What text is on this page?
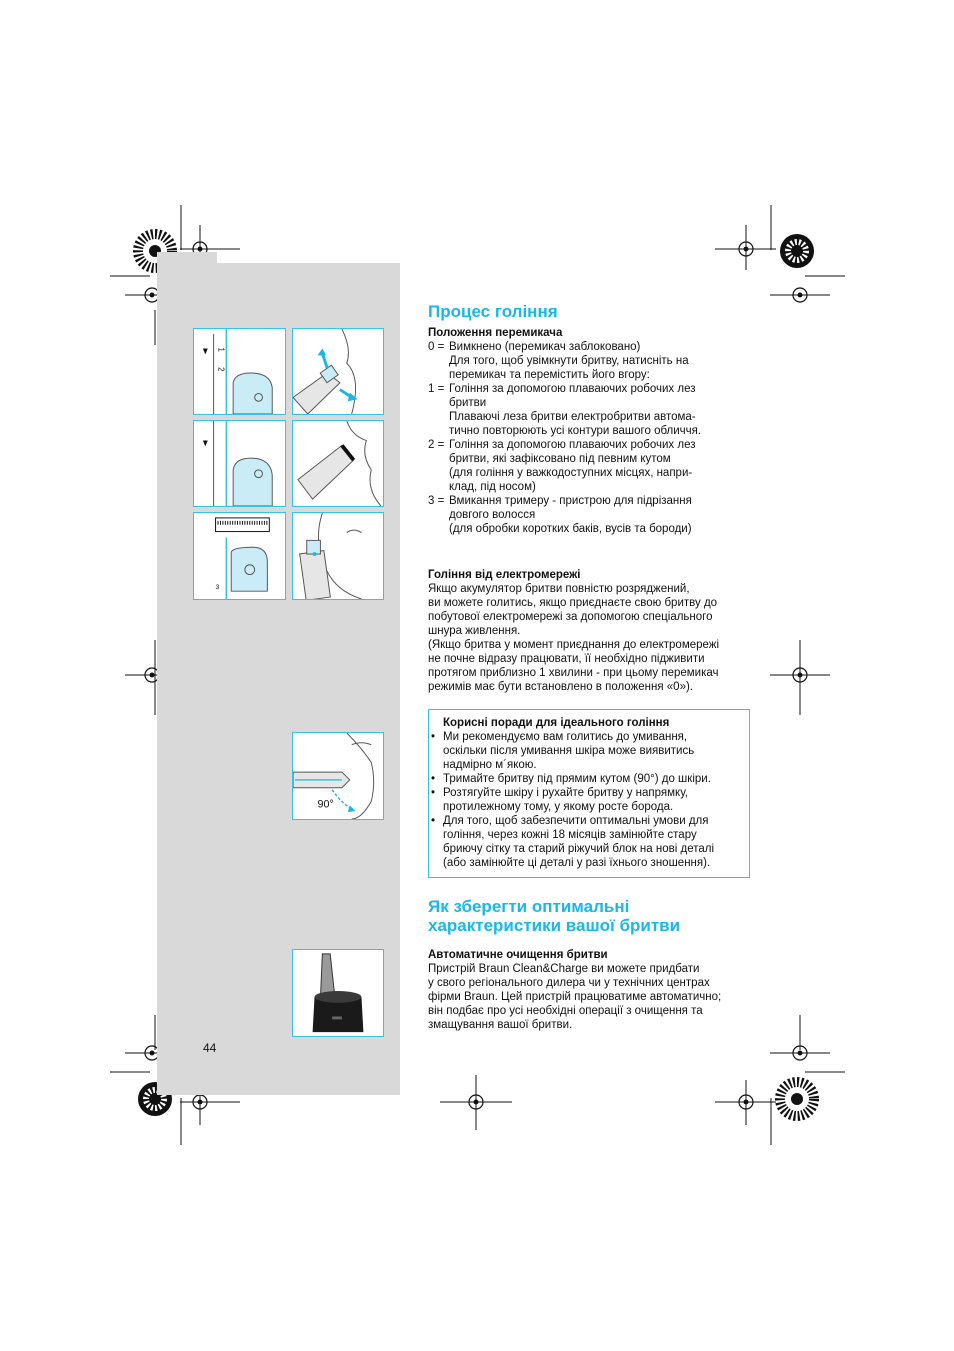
1
2
3
90°
Процес гоління
Положення перемикача
0 =	Вимкнено (перемикач заблоковано)
Для того, щоб увімкнути бритву, натисніть на
перемикач та перемістить його вгору:
1 =	Гоління за допомогою плаваючих робочих лез
бритви
Плаваючі леза бритви електробритви автома-
тично повторюють усі контури вашого обличчя.
2 =	Гоління за допомогою плаваючих робочих лез
бритви, які зафіксовано під певним кутом
(для гоління у важкодоступних місцях, напри-
клад, під носом)
3 =	Вмикання тримеру - пристрою для підрізання
довгого волосся
(для обробки коротких баків, вусів та бороди)
Гоління від електромережі
Якщо акумулятор бритви повністю розряджений,
ви можете голитись, якщо приєднаєте свою бритву до
побутової електромережі за допомогою спеціального
шнура живлення.
(Якщо бритва у момент приєднання до електромережі
не почне відразу працювати, її необхідно підживити
протягом приблизно 1 хвилини - при цьому перемикач
режимів має бути встановлено в положення «0»).
Корисні поради для ідеального гоління
• Ми рекомендуємо вам голитись до умивання,
оскільки після умивання шкіра може виявитись
надмірно м´якою.
• Тримайте бритву під прямим кутом (90°) до шкіри.
• Розтягуйте шкіру і рухайте бритву у напрямку,
протилежному тому, у якому росте борода.
• Для того, щоб забезпечити оптимальні умови для
гоління, через кожні 18 місяців замінюйте стару
бриючу сітку та старий ріжучий блок на нові деталі
(або замінюйте ці деталі у разі їхнього зношення).
Як зберегти оптимальні
характеристики вашої бритви
Автоматичне очищення бритви
Пристрій Braun Clean&Charge ви можете придбати
у свого регіонального дилера чи у технічних центрах
фірми Braun. Цей пристрій працюватиме автоматично;
він подбає про усі необхідні операції з очищення та
змащування вашої бритви.
44
